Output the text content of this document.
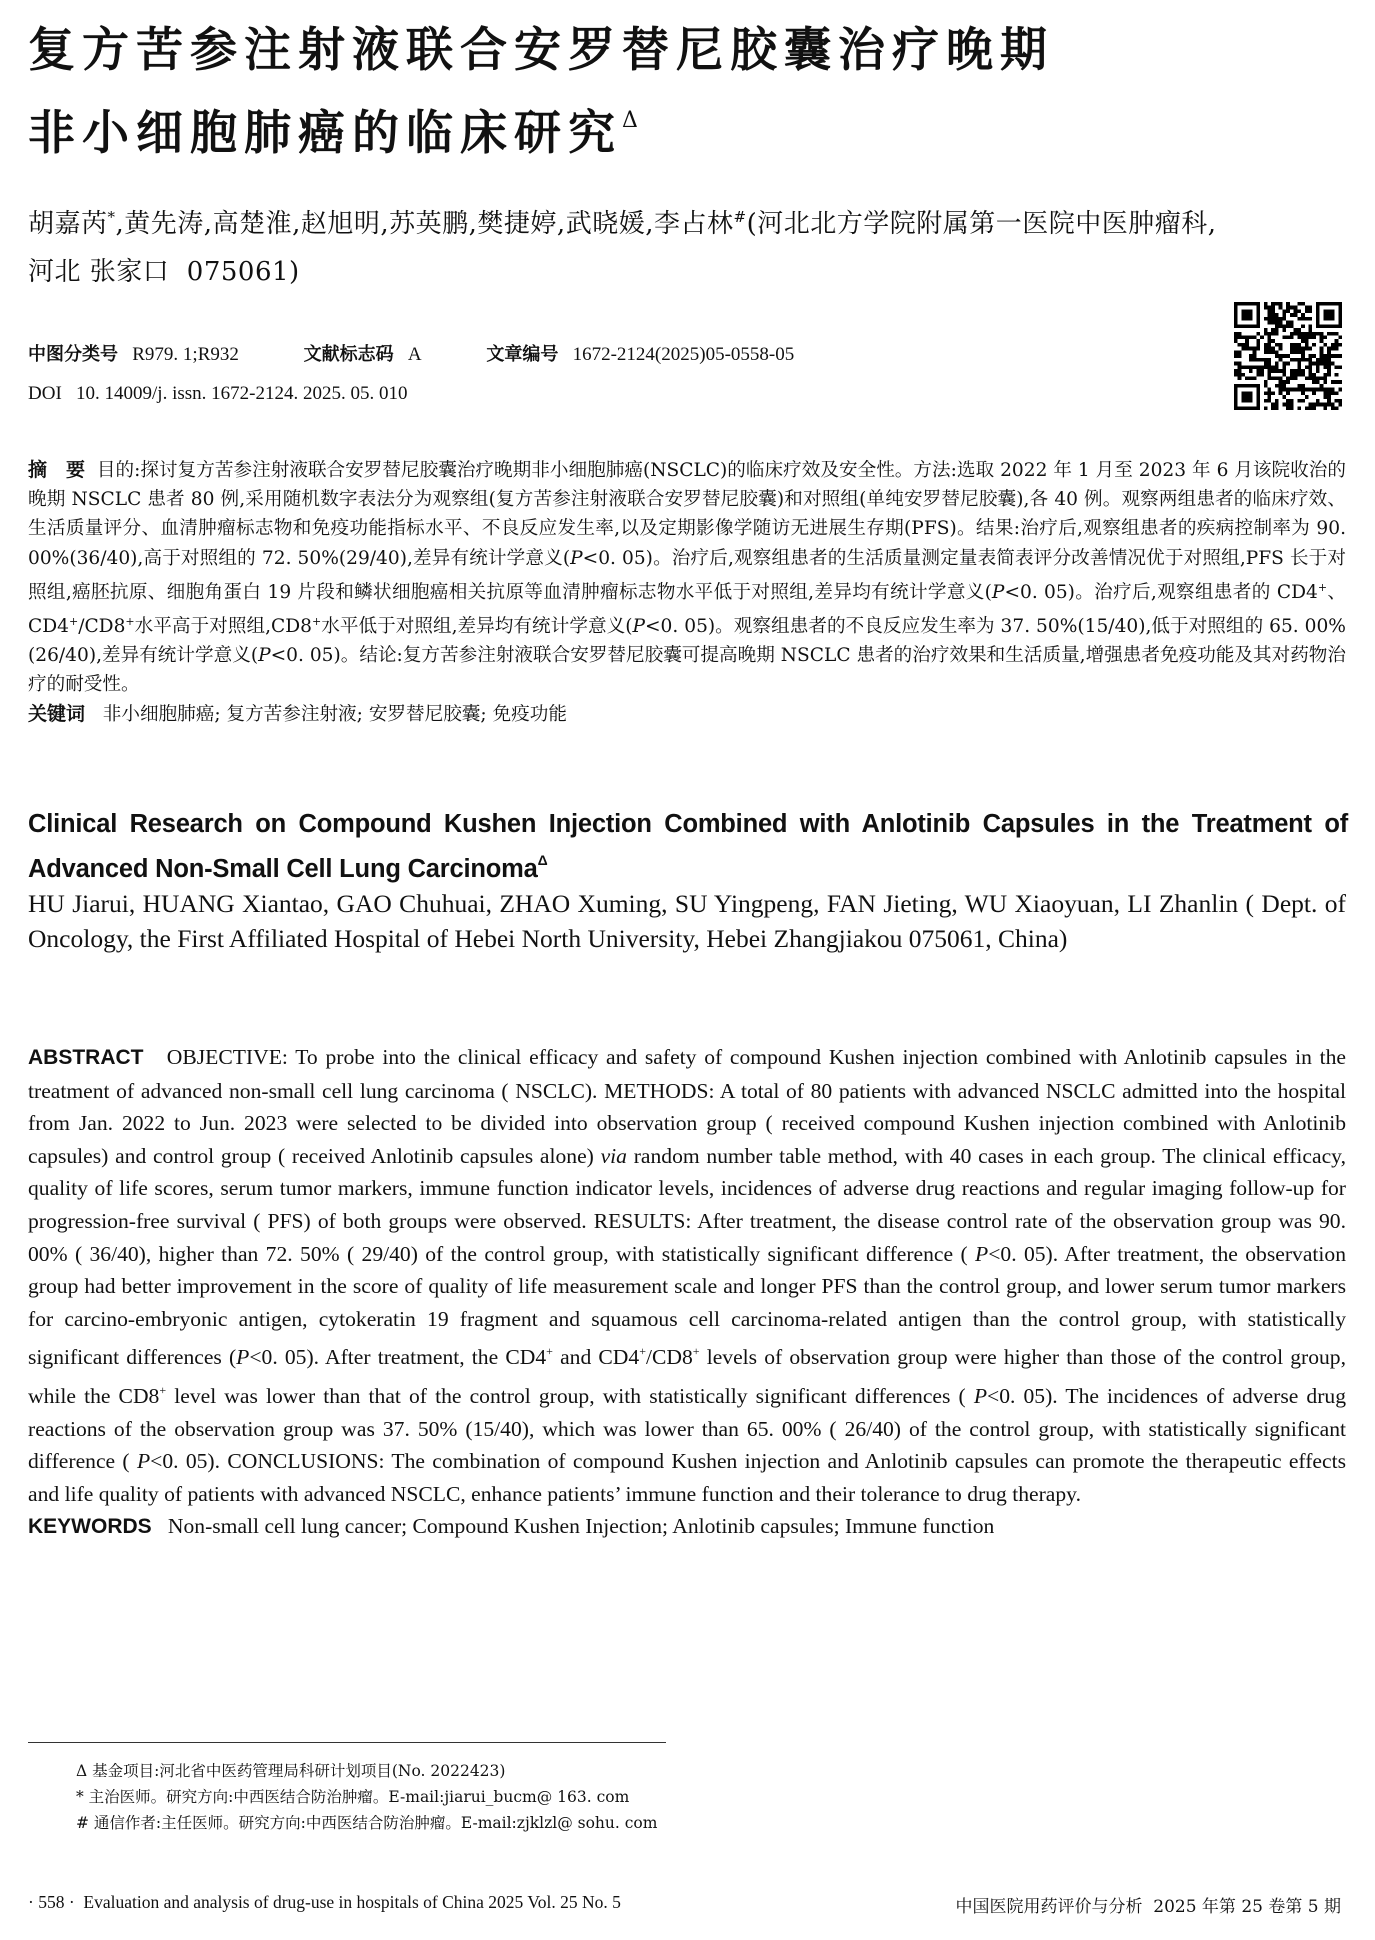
复方苦参注射液联合安罗替尼胶囊治疗晚期
非小细胞肺癌的临床研究$^\Delta$
胡嘉芮*,黄先涛,高楚淮,赵旭明,苏英鹏,樊捷婷,武晓媛,李占林#(河北北方学院附属第一医院中医肿瘤科,
河北 张家口  075061)
中图分类号 R979. 1;R932	文献标志码 A	文章编号 1672-2124(2025)05-0558-05
DOI 10. 14009/j. issn. 1672-2124. 2025. 05. 010
摘　要 目的:探讨复方苦参注射液联合安罗替尼胶囊治疗晚期非小细胞肺癌(NSCLC)的临床疗效及安全性。方法:选取 2022 年 1 月至 2023 年 6 月该院收治的晚期 NSCLC 患者 80 例,采用随机数字表法分为观察组(复方苦参注射液联合安罗替尼胶囊)和对照组(单纯安罗替尼胶囊),各 40 例。观察两组患者的临床疗效、生活质量评分、血清肿瘤标志物和免疫功能指标水平、不良反应发生率,以及定期影像学随访无进展生存期(PFS)。结果:治疗后,观察组患者的疾病控制率为 90. 00%(36/40),高于对照组的 72. 50%(29/40),差异有统计学意义(P<0. 05)。治疗后,观察组患者的生活质量测定量表简表评分改善情况优于对照组,PFS 长于对照组,癌胚抗原、细胞角蛋白 19 片段和鳞状细胞癌相关抗原等血清肿瘤标志物水平低于对照组,差异均有统计学意义(P<0. 05)。治疗后,观察组患者的 CD4+、CD4+/CD8+水平高于对照组,CD8+水平低于对照组,差异均有统计学意义(P<0. 05)。观察组患者的不良反应发生率为 37. 50%(15/40),低于对照组的 65. 00%(26/40),差异有统计学意义(P<0. 05)。结论:复方苦参注射液联合安罗替尼胶囊可提高晚期 NSCLC 患者的治疗效果和生活质量,增强患者免疫功能及其对药物治疗的耐受性。
关键词 非小细胞肺癌; 复方苦参注射液; 安罗替尼胶囊; 免疫功能
Clinical Research on Compound Kushen Injection Combined with Anlotinib Capsules in the Treatment of Advanced Non-Small Cell Lung Carcinoma$^\Delta$
HU Jiarui, HUANG Xiantao, GAO Chuhuai, ZHAO Xuming, SU Yingpeng, FAN Jieting, WU Xiaoyuan, LI Zhanlin ( Dept. of Oncology, the First Affiliated Hospital of Hebei North University, Hebei Zhangjiakou 075061, China)
ABSTRACT OBJECTIVE: To probe into the clinical efficacy and safety of compound Kushen injection combined with Anlotinib capsules in the treatment of advanced non-small cell lung carcinoma ( NSCLC). METHODS: A total of 80 patients with advanced NSCLC admitted into the hospital from Jan. 2022 to Jun. 2023 were selected to be divided into observation group ( received compound Kushen injection combined with Anlotinib capsules) and control group ( received Anlotinib capsules alone) via random number table method, with 40 cases in each group. The clinical efficacy, quality of life scores, serum tumor markers, immune function indicator levels, incidences of adverse drug reactions and regular imaging follow-up for progression-free survival ( PFS) of both groups were observed. RESULTS: After treatment, the disease control rate of the observation group was 90. 00% ( 36/40), higher than 72. 50% ( 29/40) of the control group, with statistically significant difference ( P<0. 05). After treatment, the observation group had better improvement in the score of quality of life measurement scale and longer PFS than the control group, and lower serum tumor markers for carcino-embryonic antigen, cytokeratin 19 fragment and squamous cell carcinoma-related antigen than the control group, with statistically significant differences (P<0. 05). After treatment, the CD4+ and CD4+/CD8+ levels of observation group were higher than those of the control group, while the CD8+ level was lower than that of the control group, with statistically significant differences ( P<0. 05). The incidences of adverse drug reactions of the observation group was 37. 50% (15/40), which was lower than 65. 00% ( 26/40) of the control group, with statistically significant difference ( P<0. 05). CONCLUSIONS: The combination of compound Kushen injection and Anlotinib capsules can promote the therapeutic effects and life quality of patients with advanced NSCLC, enhance patients’ immune function and their tolerance to drug therapy.
KEYWORDS Non-small cell lung cancer; Compound Kushen Injection; Anlotinib capsules; Immune function
Δ 基金项目:河北省中医药管理局科研计划项目(No. 2022423)
* 主治医师。研究方向:中西医结合防治肿瘤。E-mail:jiarui_bucm@ 163. com
# 通信作者:主任医师。研究方向:中西医结合防治肿瘤。E-mail:zjklzl@ sohu. com
· 558 ·  Evaluation and analysis of drug-use in hospitals of China 2025 Vol. 25 No. 5	中国医院用药评价与分析  2025 年第 25 卷第 5 期
